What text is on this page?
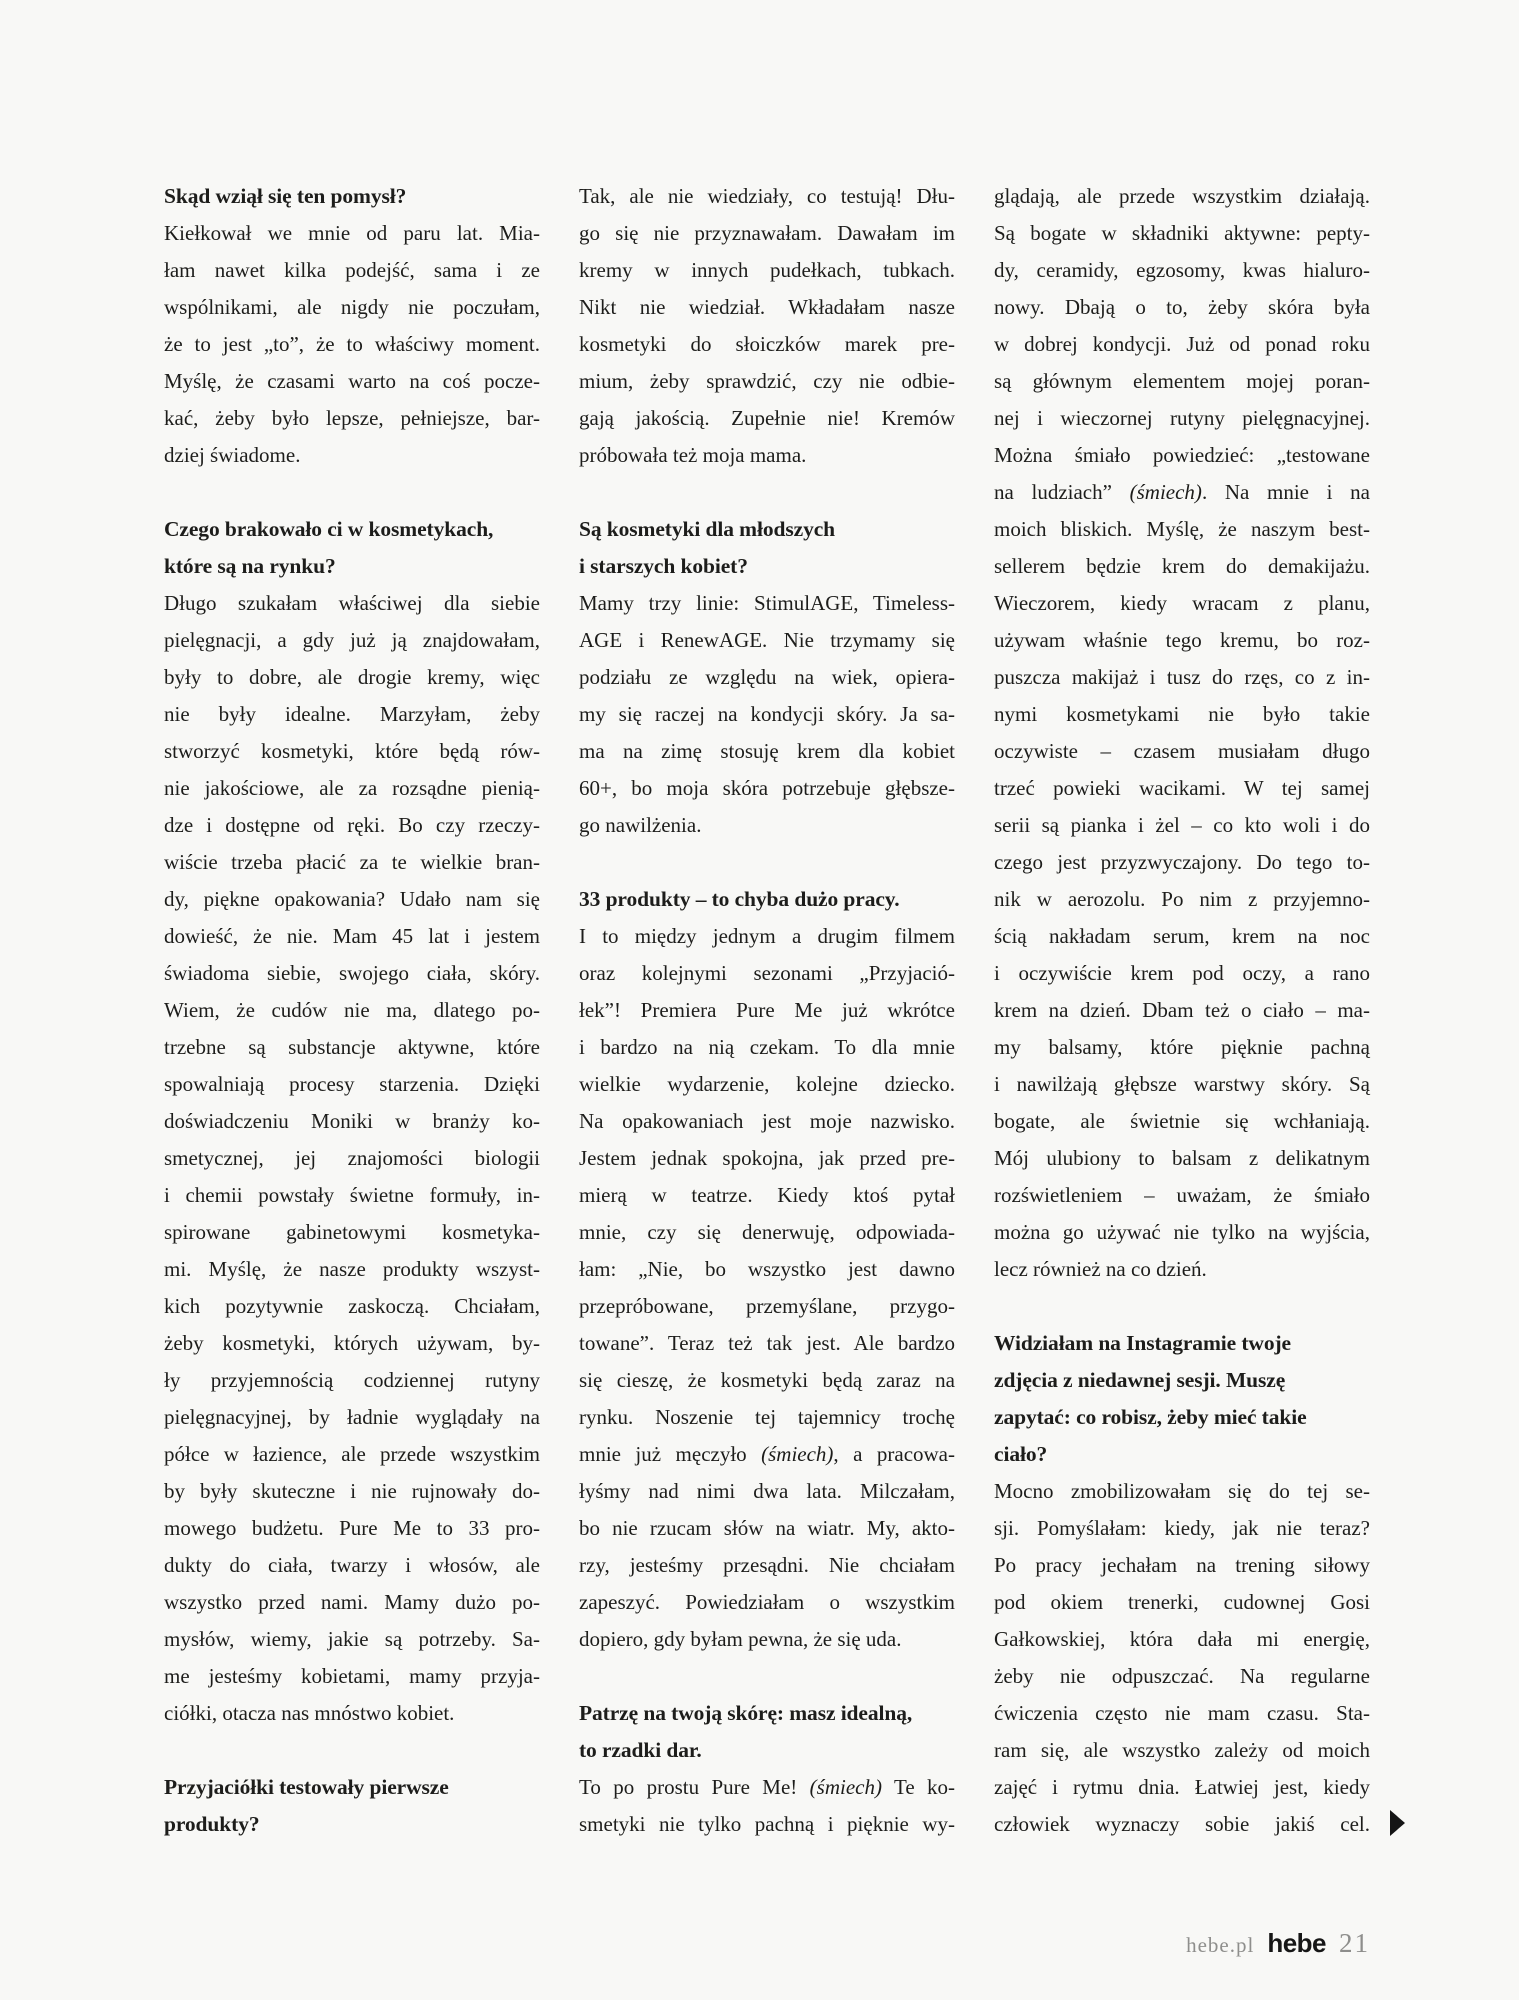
Skąd wziął się ten pomysł?
Kiełkował we mnie od paru lat. Mia-
łam nawet kilka podejść, sama i ze
wspólnikami, ale nigdy nie poczułam,
że to jest „to”, że to właściwy moment.
Myślę, że czasami warto na coś pocze-
kać, żeby było lepsze, pełniejsze, bar-
dziej świadome.
Czego brakowało ci w kosmetykach,
które są na rynku?
Długo szukałam właściwej dla siebie
pielęgnacji, a gdy już ją znajdowałam,
były to dobre, ale drogie kremy, więc
nie były idealne. Marzyłam, żeby
stworzyć kosmetyki, które będą rów-
nie jakościowe, ale za rozsądne pienią-
dze i dostępne od ręki. Bo czy rzeczy-
wiście trzeba płacić za te wielkie bran-
dy, piękne opakowania? Udało nam się
dowieść, że nie. Mam 45 lat i jestem
świadoma siebie, swojego ciała, skóry.
Wiem, że cudów nie ma, dlatego po-
trzebne są substancje aktywne, które
spowalniają procesy starzenia. Dzięki
doświadczeniu Moniki w branży ko-
smetycznej, jej znajomości biologii
i chemii powstały świetne formuły, in-
spirowane gabinetowymi kosmetyka-
mi. Myślę, że nasze produkty wszyst-
kich pozytywnie zaskoczą. Chciałam,
żeby kosmetyki, których używam, by-
ły przyjemnością codziennej rutyny
pielęgnacyjnej, by ładnie wyglądały na
półce w łazience, ale przede wszystkim
by były skuteczne i nie rujnowały do-
mowego budżetu. Pure Me to 33 pro-
dukty do ciała, twarzy i włosów, ale
wszystko przed nami. Mamy dużo po-
mysłów, wiemy, jakie są potrzeby. Sa-
me jesteśmy kobietami, mamy przyja-
ciółki, otacza nas mnóstwo kobiet.
Przyjaciółki testowały pierwsze
produkty?
Tak, ale nie wiedziały, co testują! Dłu-
go się nie przyznawałam. Dawałam im
kremy w innych pudełkach, tubkach.
Nikt nie wiedział. Wkładałam nasze
kosmetyki do słoiczków marek pre-
mium, żeby sprawdzić, czy nie odbie-
gają jakością. Zupełnie nie! Kremów
próbowała też moja mama.
Są kosmetyki dla młodszych
i starszych kobiet?
Mamy trzy linie: StimulAGE, Timeless-
AGE i RenewAGE. Nie trzymamy się
podziału ze względu na wiek, opiera-
my się raczej na kondycji skóry. Ja sa-
ma na zimę stosuję krem dla kobiet
60+, bo moja skóra potrzebuje głębsze-
go nawilżenia.
33 produkty – to chyba dużo pracy.
I to między jednym a drugim filmem
oraz kolejnymi sezonami „Przyjació-
łek”! Premiera Pure Me już wkrótce
i bardzo na nią czekam. To dla mnie
wielkie wydarzenie, kolejne dziecko.
Na opakowaniach jest moje nazwisko.
Jestem jednak spokojna, jak przed pre-
mierą w teatrze. Kiedy ktoś pytał
mnie, czy się denerwuję, odpowiada-
łam: „Nie, bo wszystko jest dawno
przepróbowane, przemyślane, przygo-
towane”. Teraz też tak jest. Ale bardzo
się cieszę, że kosmetyki będą zaraz na
rynku. Noszenie tej tajemnicy trochę
mnie już męczyło (śmiech), a pracowa-
łyśmy nad nimi dwa lata. Milczałam,
bo nie rzucam słów na wiatr. My, akto-
rzy, jesteśmy przesądni. Nie chciałam
zapeszyć. Powiedziałam o wszystkim
dopiero, gdy byłam pewna, że się uda.
Patrzę na twoją skórę: masz idealną,
to rzadki dar.
To po prostu Pure Me! (śmiech) Te ko-
smetyki nie tylko pachną i pięknie wy-
glądają, ale przede wszystkim działają.
Są bogate w składniki aktywne: pepty-
dy, ceramidy, egzosomy, kwas hialuro-
nowy. Dbają o to, żeby skóra była
w dobrej kondycji. Już od ponad roku
są głównym elementem mojej poran-
nej i wieczornej rutyny pielęgnacyjnej.
Można śmiało powiedzieć: „testowane
na ludziach” (śmiech). Na mnie i na
moich bliskich. Myślę, że naszym best-
sellerem będzie krem do demakijażu.
Wieczorem, kiedy wracam z planu,
używam właśnie tego kremu, bo roz-
puszcza makijaż i tusz do rzęs, co z in-
nymi kosmetykami nie było takie
oczywiste – czasem musiałam długo
trzeć powieki wacikami. W tej samej
serii są pianka i żel – co kto woli i do
czego jest przyzwyczajony. Do tego to-
nik w aerozolu. Po nim z przyjemno-
ścią nakładam serum, krem na noc
i oczywiście krem pod oczy, a rano
krem na dzień. Dbam też o ciało – ma-
my balsamy, które pięknie pachną
i nawilżają głębsze warstwy skóry. Są
bogate, ale świetnie się wchłaniają.
Mój ulubiony to balsam z delikatnym
rozświetleniem – uważam, że śmiało
można go używać nie tylko na wyjścia,
lecz również na co dzień.
Widziałam na Instagramie twoje
zdjęcia z niedawnej sesji. Muszę
zapytać: co robisz, żeby mieć takie
ciało?
Mocno zmobilizowałam się do tej se-
sji. Pomyślałam: kiedy, jak nie teraz?
Po pracy jechałam na trening siłowy
pod okiem trenerki, cudownej Gosi
Gałkowskiej, która dała mi energię,
żeby nie odpuszczać. Na regularne
ćwiczenia często nie mam czasu. Sta-
ram się, ale wszystko zależy od moich
zajęć i rytmu dnia. Łatwiej jest, kiedy
człowiek wyznaczy sobie jakiś cel.
hebe.pl hebe 21
